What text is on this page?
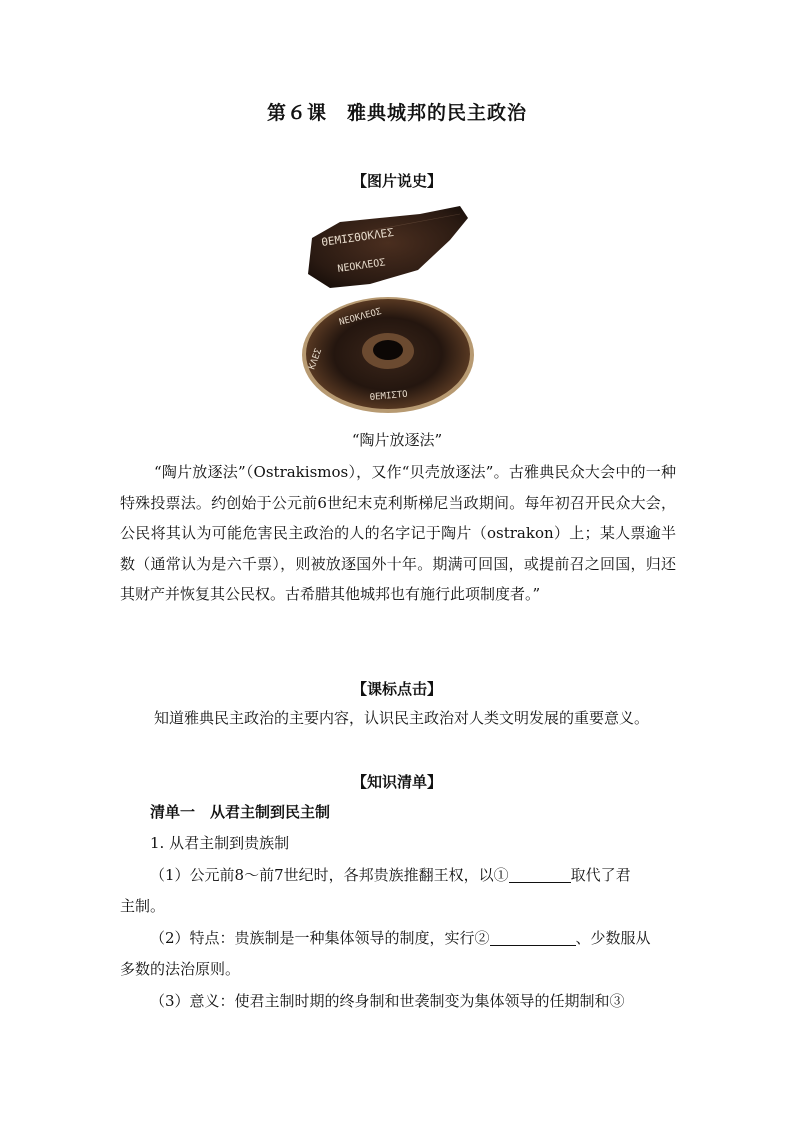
第６课　雅典城邦的民主政治
【图片说史】
ΘΕΜΙΣΘΟΚΛΕΣ
ΝΕΟΚΛΕΟΣ
ΝΕΟΚΛΕΟΣ
ΘΕΜΙΣΤΟ
ΚΛΕΣ
“陶片放逐法”
“陶片放逐法”（Ostrakismos），又作“贝壳放逐法”。古雅典民众大会中的一种特殊投票法。约创始于公元前6世纪末克利斯梯尼当政期间。每年初召开民众大会，公民将其认为可能危害民主政治的人的名字记于陶片（ostrakon）上；某人票逾半数（通常认为是六千票），则被放逐国外十年。期满可回国，或提前召之回国，归还其财产并恢复其公民权。古希腊其他城邦也有施行此项制度者。”
【课标点击】
知道雅典民主政治的主要内容，认识民主政治对人类文明发展的重要意义。
【知识清单】
清单一　从君主制到民主制
1. 从君主制到贵族制
（1）公元前8～前7世纪时，各邦贵族推翻王权，以①	取代了君
主制。
（2）特点：贵族制是一种集体领导的制度，实行②	、少数服从
多数的法治原则。
（3）意义：使君主制时期的终身制和世袭制变为集体领导的任期制和③
